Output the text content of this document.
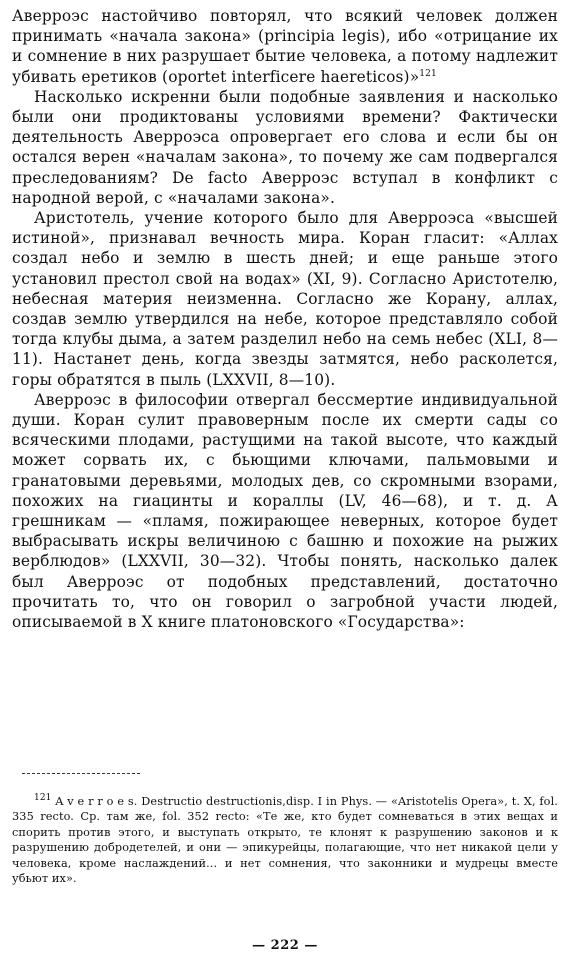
Аверроэс настойчиво повторял, что всякий человек должен принимать «начала закона» (principia legis), ибо «отрицание их и сомнение в них разрушает бытие человека, а потому надлежит убивать еретиков (oportet interficere haereticos)»$^{121}$

Насколько искренни были подобные заявления и насколько были они продиктованы условиями времени? Фактически деятельность Аверроэса опровергает его слова и если бы он остался верен «началам закона», то почему же сам подвергался преследованиям? De facto Аверроэс вступал в конфликт с народной верой, с «началами закона».

Аристотель, учение которого было для Аверроэса «высшей истиной», признавал вечность мира. Коран гласит: «Аллах создал небо и землю в шесть дней; и еще раньше этого установил престол свой на водах» (XI, 9). Согласно Аристотелю, небесная материя неизменна. Согласно же Корану, аллах, создав землю утвердился на небе, которое представляло собой тогда клубы дыма, а затем разделил небо на семь небес (XLI, 8—11). Настанет день, когда звезды затмятся, небо расколется, горы обратятся в пыль (LXXVII, 8—10).

Аверроэс в философии отвергал бессмертие индивидуальной души. Коран сулит правоверным после их смерти сады со всяческими плодами, растущими на такой высоте, что каждый может сорвать их, с бьющими ключами, пальмовыми и гранатовыми деревьями, молодых дев, со скромными взорами, похожих на гиацинты и кораллы (LV, 46—68), и т. д. А грешникам — «пламя, пожирающее неверных, которое будет выбрасывать искры величиною с башню и похожие на рыжих верблюдов» (LXXVII, 30—32). Чтобы понять, насколько далек был Аверроэс от подобных представлений, достаточно прочитать то, что он говорил о загробной участи людей, описываемой в X книге платоновского «Государства»:

$^{121}$ A v e r r o e s. Destructio destructionis,disp. I in Phys. — «Aristotelis Opera», t. X, fol. 335 recto. Ср. там же, fol. 352 recto: «Те же, кто будет сомневаться в этих вещах и спорить против этого, и выступать открыто, те клонят к разрушению законов и к разрушению добродетелей, и они — эпикурейцы, полагающие, что нет никакой цели у человека, кроме наслаждений... и нет сомнения, что законники и мудрецы вместе убьют их».

— 222 —
